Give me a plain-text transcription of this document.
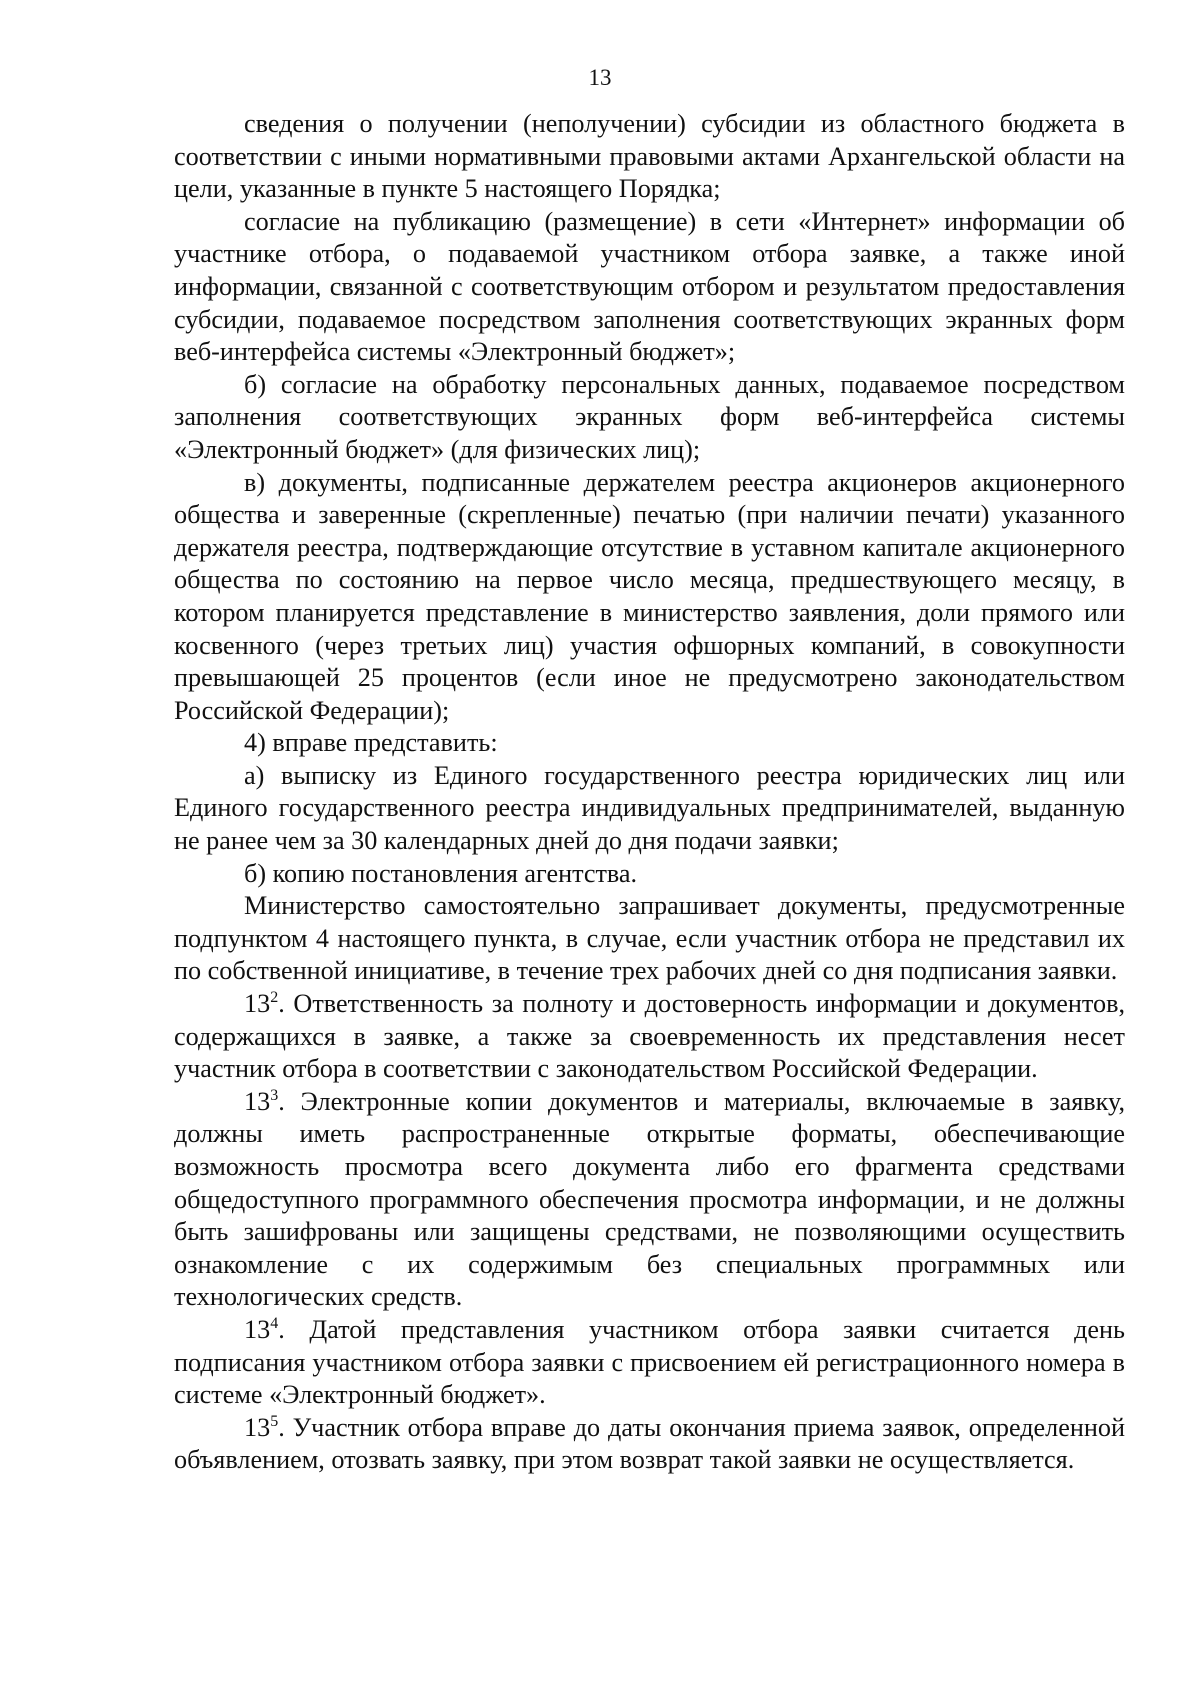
13

сведения о получении (неполучении) субсидии из областного бюджета в соответствии с иными нормативными правовыми актами Архангельской области на цели, указанные в пункте 5 настоящего Порядка;

согласие на публикацию (размещение) в сети «Интернет» информации об участнике отбора, о подаваемой участником отбора заявке, а также иной информации, связанной с соответствующим отбором и результатом предоставления субсидии, подаваемое посредством заполнения соответствующих экранных форм веб-интерфейса системы «Электронный бюджет»;

б) согласие на обработку персональных данных, подаваемое посредством заполнения соответствующих экранных форм веб-интерфейса системы «Электронный бюджет» (для физических лиц);

в) документы, подписанные держателем реестра акционеров акционерного общества и заверенные (скрепленные) печатью (при наличии печати) указанного держателя реестра, подтверждающие отсутствие в уставном капитале акционерного общества по состоянию на первое число месяца, предшествующего месяцу, в котором планируется представление в министерство заявления, доли прямого или косвенного (через третьих лиц) участия офшорных компаний, в совокупности превышающей 25 процентов (если иное не предусмотрено законодательством Российской Федерации);

4) вправе представить:

а) выписку из Единого государственного реестра юридических лиц или Единого государственного реестра индивидуальных предпринимателей, выданную не ранее чем за 30 календарных дней до дня подачи заявки;

б) копию постановления агентства.

Министерство самостоятельно запрашивает документы, предусмотренные подпунктом 4 настоящего пункта, в случае, если участник отбора не представил их по собственной инициативе, в течение трех рабочих дней со дня подписания заявки.

$13^2$. Ответственность за полноту и достоверность информации и документов, содержащихся в заявке, а также за своевременность их представления несет участник отбора в соответствии с законодательством Российской Федерации.

$13^3$. Электронные копии документов и материалы, включаемые в заявку, должны иметь распространенные открытые форматы, обеспечивающие возможность просмотра всего документа либо его фрагмента средствами общедоступного программного обеспечения просмотра информации, и не должны быть зашифрованы или защищены средствами, не позволяющими осуществить ознакомление с их содержимым без специальных программных или технологических средств.

$13^4$. Датой представления участником отбора заявки считается день подписания участником отбора заявки с присвоением ей регистрационного номера в системе «Электронный бюджет».

$13^5$. Участник отбора вправе до даты окончания приема заявок, определенной объявлением, отозвать заявку, при этом возврат такой заявки не осуществляется.
